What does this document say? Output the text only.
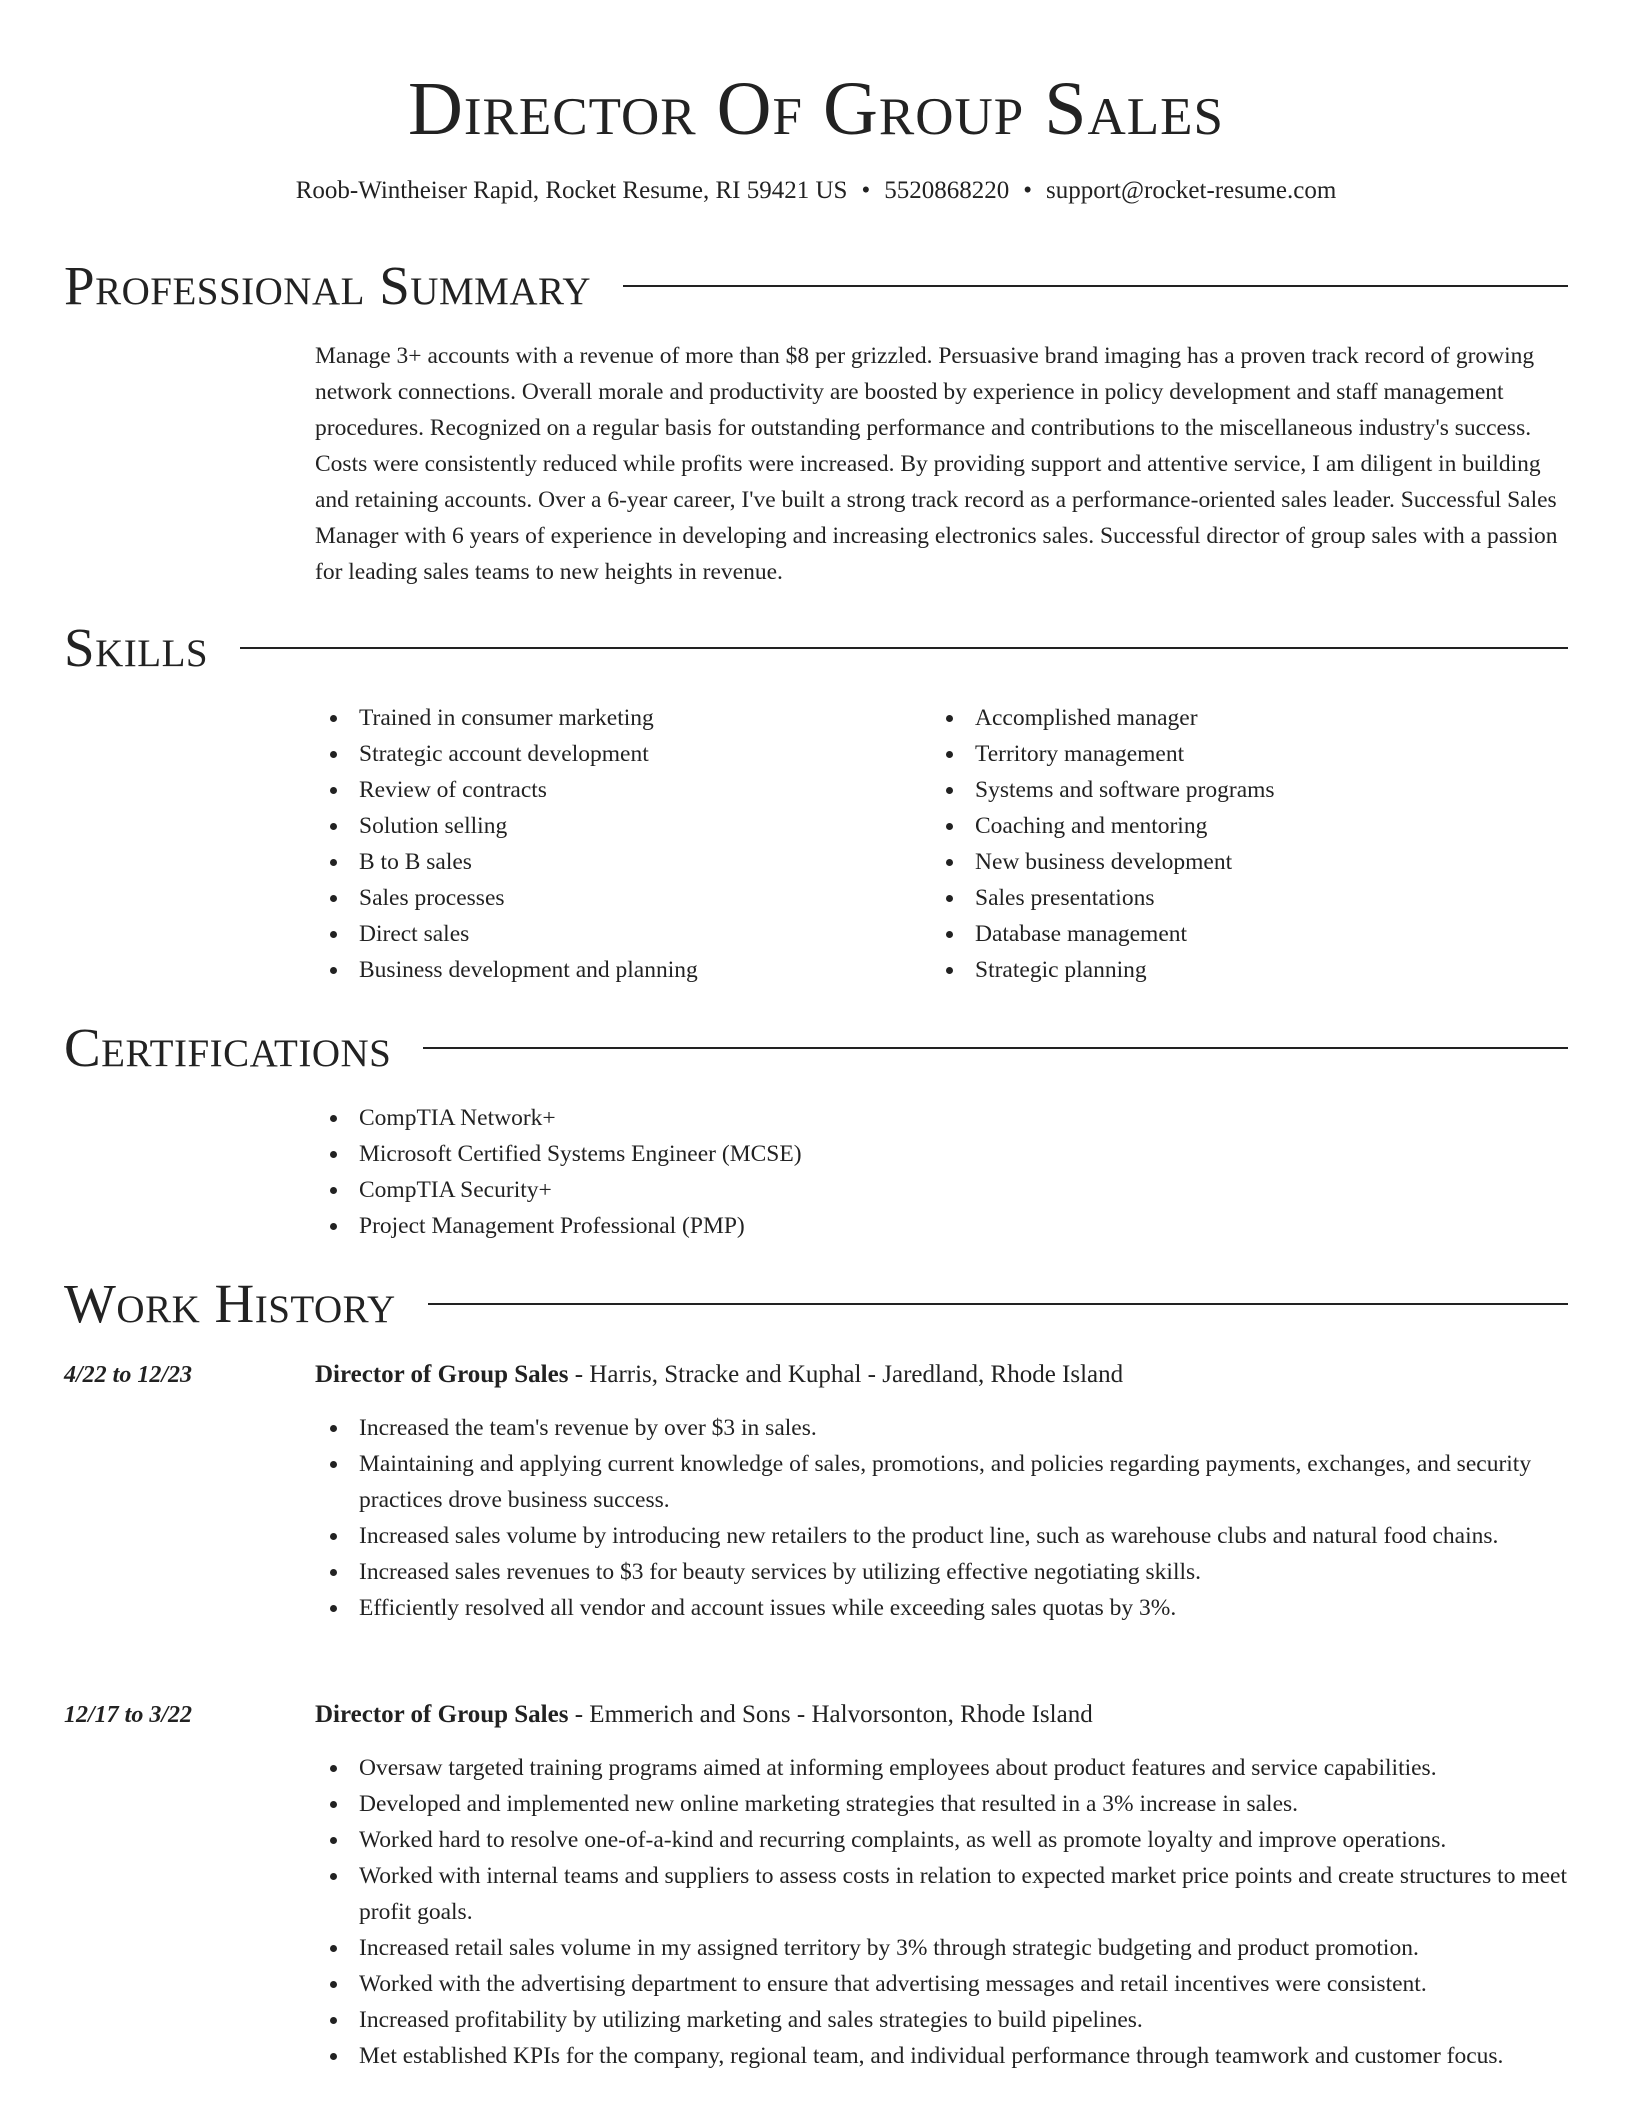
Director Of Group Sales
Roob-Wintheiser Rapid, Rocket Resume, RI 59421 US • 5520868220 • support@rocket-resume.com
Professional Summary

Manage 3+ accounts with a revenue of more than $8 per grizzled. Persuasive brand imaging has a proven track record of growing network connections. Overall morale and productivity are boosted by experience in policy development and staff management procedures. Recognized on a regular basis for outstanding performance and contributions to the miscellaneous industry's success. Costs were consistently reduced while profits were increased. By providing support and attentive service, I am diligent in building and retaining accounts. Over a 6-year career, I've built a strong track record as a performance-oriented sales leader. Successful Sales Manager with 6 years of experience in developing and increasing electronics sales. Successful director of group sales with a passion for leading sales teams to new heights in revenue.

Skills
Trained in consumer marketing
Strategic account development
Review of contracts
Solution selling
B to B sales
Sales processes
Direct sales
Business development and planning
Accomplished manager
Territory management
Systems and software programs
Coaching and mentoring
New business development
Sales presentations
Database management
Strategic planning
Certifications
CompTIA Network+
Microsoft Certified Systems Engineer (MCSE)
CompTIA Security+
Project Management Professional (PMP)
Work History
4/22 to 12/23	Director of Group Sales - Harris, Stracke and Kuphal - Jaredland, Rhode Island
Increased the team's revenue by over $3 in sales.
Maintaining and applying current knowledge of sales, promotions, and policies regarding payments, exchanges, and security practices drove business success.
Increased sales volume by introducing new retailers to the product line, such as warehouse clubs and natural food chains.
Increased sales revenues to $3 for beauty services by utilizing effective negotiating skills.
Efficiently resolved all vendor and account issues while exceeding sales quotas by 3%.
12/17 to 3/22	Director of Group Sales - Emmerich and Sons - Halvorsonton, Rhode Island
Oversaw targeted training programs aimed at informing employees about product features and service capabilities.
Developed and implemented new online marketing strategies that resulted in a 3% increase in sales.
Worked hard to resolve one-of-a-kind and recurring complaints, as well as promote loyalty and improve operations.
Worked with internal teams and suppliers to assess costs in relation to expected market price points and create structures to meet profit goals.
Increased retail sales volume in my assigned territory by 3% through strategic budgeting and product promotion.
Worked with the advertising department to ensure that advertising messages and retail incentives were consistent.
Increased profitability by utilizing marketing and sales strategies to build pipelines.
Met established KPIs for the company, regional team, and individual performance through teamwork and customer focus.
